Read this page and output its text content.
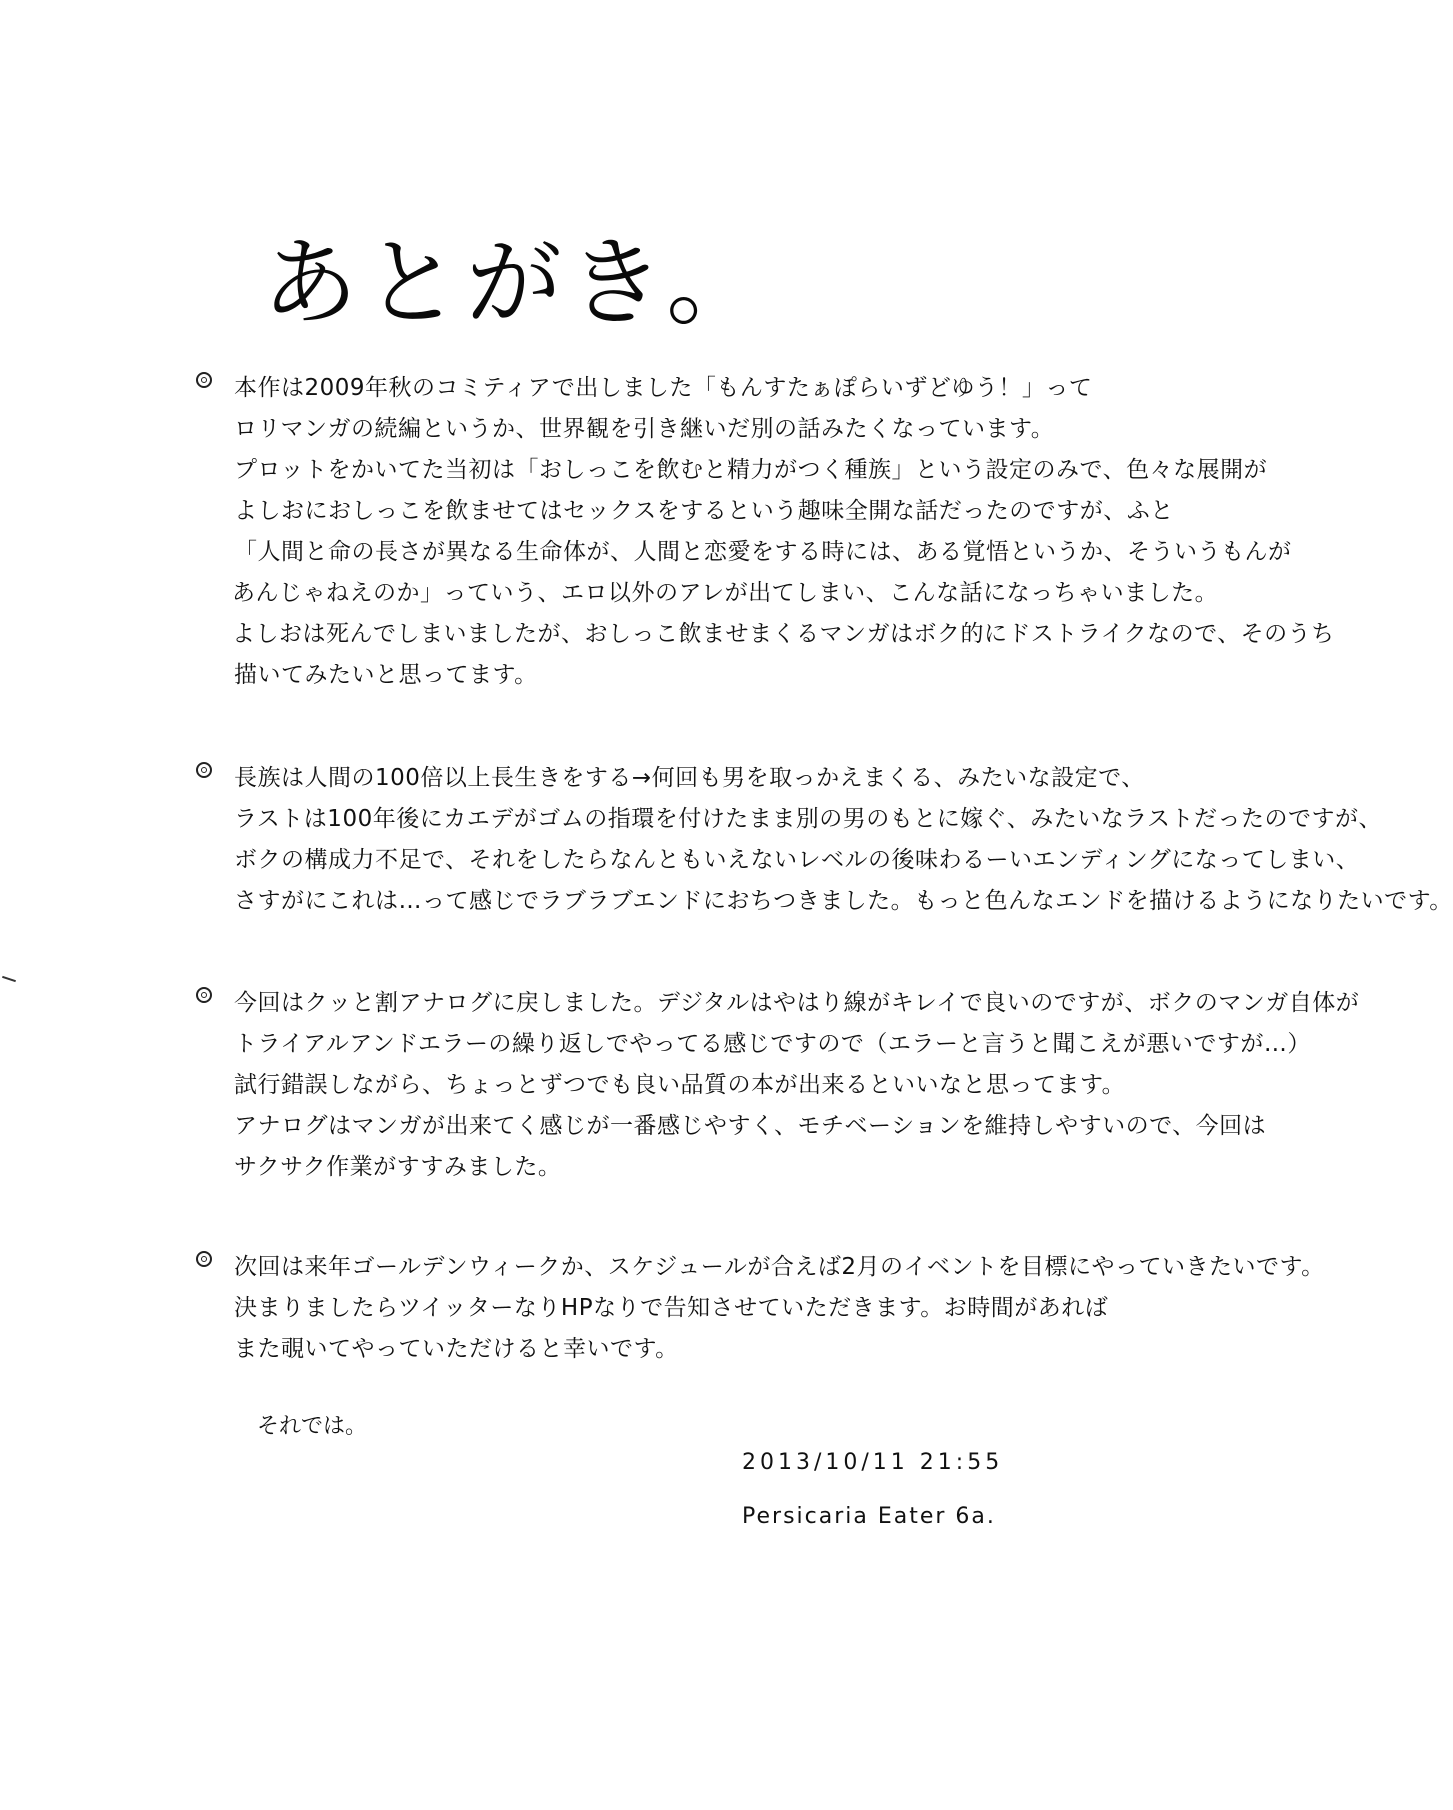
あとがき。
本作は2009年秋のコミティアで出しました「もんすたぁぽらいずどゆう！」って
ロリマンガの続編というか、世界観を引き継いだ別の話みたくなっています。
プロットをかいてた当初は「おしっこを飲むと精力がつく種族」という設定のみで、色々な展開が
よしおにおしっこを飲ませてはセックスをするという趣味全開な話だったのですが、ふと
「人間と命の長さが異なる生命体が、人間と恋愛をする時には、ある覚悟というか、そういうもんが
あんじゃねえのか」っていう、エロ以外のアレが出てしまい、こんな話になっちゃいました。
よしおは死んでしまいましたが、おしっこ飲ませまくるマンガはボク的にドストライクなので、そのうち
描いてみたいと思ってます。
長族は人間の100倍以上長生きをする→何回も男を取っかえまくる、みたいな設定で、
ラストは100年後にカエデがゴムの指環を付けたまま別の男のもとに嫁ぐ、みたいなラストだったのですが、
ボクの構成力不足で、それをしたらなんともいえないレベルの後味わるーいエンディングになってしまい、
さすがにこれは…って感じでラブラブエンドにおちつきました。もっと色んなエンドを描けるようになりたいです。
今回はクッと割アナログに戻しました。デジタルはやはり線がキレイで良いのですが、ボクのマンガ自体が
トライアルアンドエラーの繰り返しでやってる感じですので（エラーと言うと聞こえが悪いですが…）
試行錯誤しながら、ちょっとずつでも良い品質の本が出来るといいなと思ってます。
アナログはマンガが出来てく感じが一番感じやすく、モチベーションを維持しやすいので、今回は
サクサク作業がすすみました。
次回は来年ゴールデンウィークか、スケジュールが合えば2月のイベントを目標にやっていきたいです。
決まりましたらツイッターなりHPなりで告知させていただきます。お時間があれば
また覗いてやっていただけると幸いです。
それでは。
2013/10/11 21:55
Persicaria Eater 6a.
